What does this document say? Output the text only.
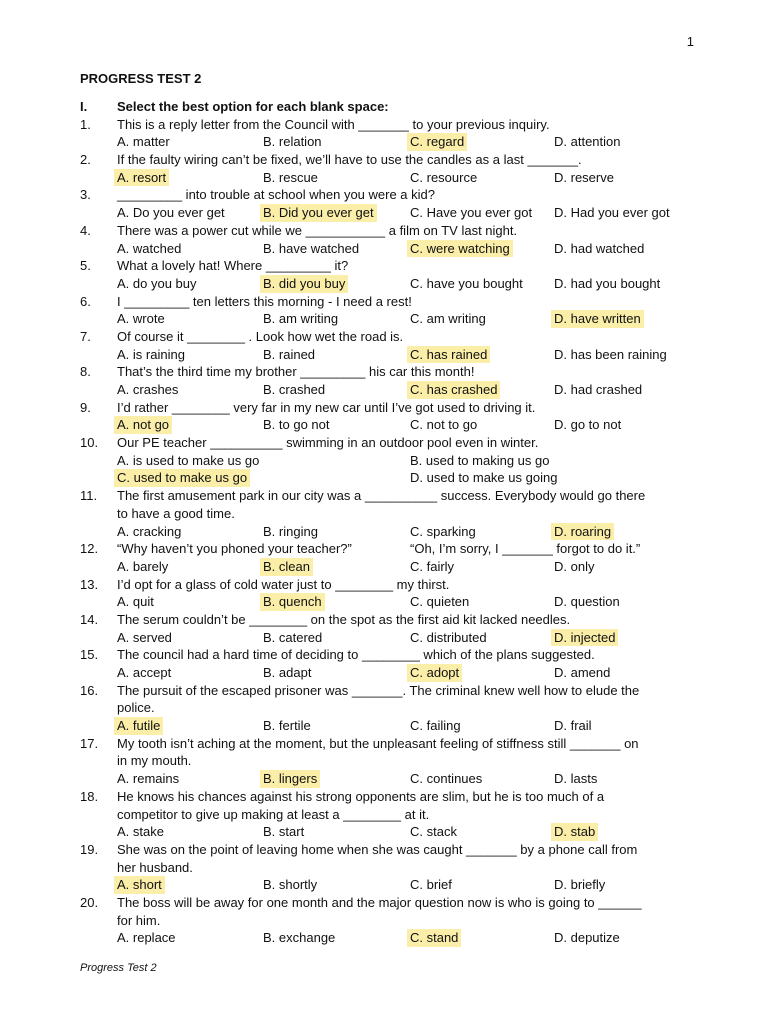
1
PROGRESS TEST 2
I. Select the best option for each blank space:
1. This is a reply letter from the Council with _______ to your previous inquiry.
A. matter	B. relation	C. regard	D. attention
2. If the faulty wiring can’t be fixed, we’ll have to use the candles as a last _______.
A. resort	B. rescue	C. resource	D. reserve
3. _________ into trouble at school when you were a kid?
A. Do you ever get	B. Did you ever get	C. Have you ever got D. Had you ever got
4. There was a power cut while we ___________ a film on TV last night.
A. watched	B. have watched	C. were watching	D. had watched
5. What a lovely hat! Where _________ it?
A. do you buy	B. did you buy	C. have you bought D. had you bought
6. I _________ ten letters this morning - I need a rest!
A. wrote	B. am writing	C. am writing	D. have written
7. Of course it ________ . Look how wet the road is.
A. is raining	B. rained	C. has rained	D. has been raining
8. That’s the third time my brother _________ his car this month!
A. crashes	B. crashed	C. has crashed	D. had crashed
9. I’d rather ________ very far in my new car until I’ve got used to driving it.
A. not go	B. to go not	C. not to go	D. go to not
10. Our PE teacher __________ swimming in an outdoor pool even in winter.
A. is used to make us go	B. used to making us go
C. used to make us go	D. used to make us going
11. The first amusement park in our city was a __________ success. Everybody would go there
to have a good time.
A. cracking	B. ringing	C. sparking	D. roaring
12. “Why haven’t you phoned your teacher?”	“Oh, I’m sorry, I _______ forgot to do it.”
A. barely	B. clean	C. fairly	D. only
13. I’d opt for a glass of cold water just to ________ my thirst.
A. quit	B. quench	C. quieten	D. question
14. The serum couldn’t be ________ on the spot as the first aid kit lacked needles.
A. served	B. catered	C. distributed	D. injected
15. The council had a hard time of deciding to ________ which of the plans suggested.
A. accept	B. adapt	C. adopt	D. amend
16. The pursuit of the escaped prisoner was _______. The criminal knew well how to elude the
police.
A. futile	B. fertile	C. failing	D. frail
17. My tooth isn’t aching at the moment, but the unpleasant feeling of stiffness still _______ on
in my mouth.
A. remains	B. lingers	C. continues	D. lasts
18. He knows his chances against his strong opponents are slim, but he is too much of a
competitor to give up making at least a ________ at it.
A. stake	B. start	C. stack	D. stab
19. She was on the point of leaving home when she was caught _______ by a phone call from
her husband.
A. short	B. shortly	C. brief	D. briefly
20. The boss will be away for one month and the major question now is who is going to ______
for him.
A. replace	B. exchange	C. stand	D. deputize
Progress Test 2
